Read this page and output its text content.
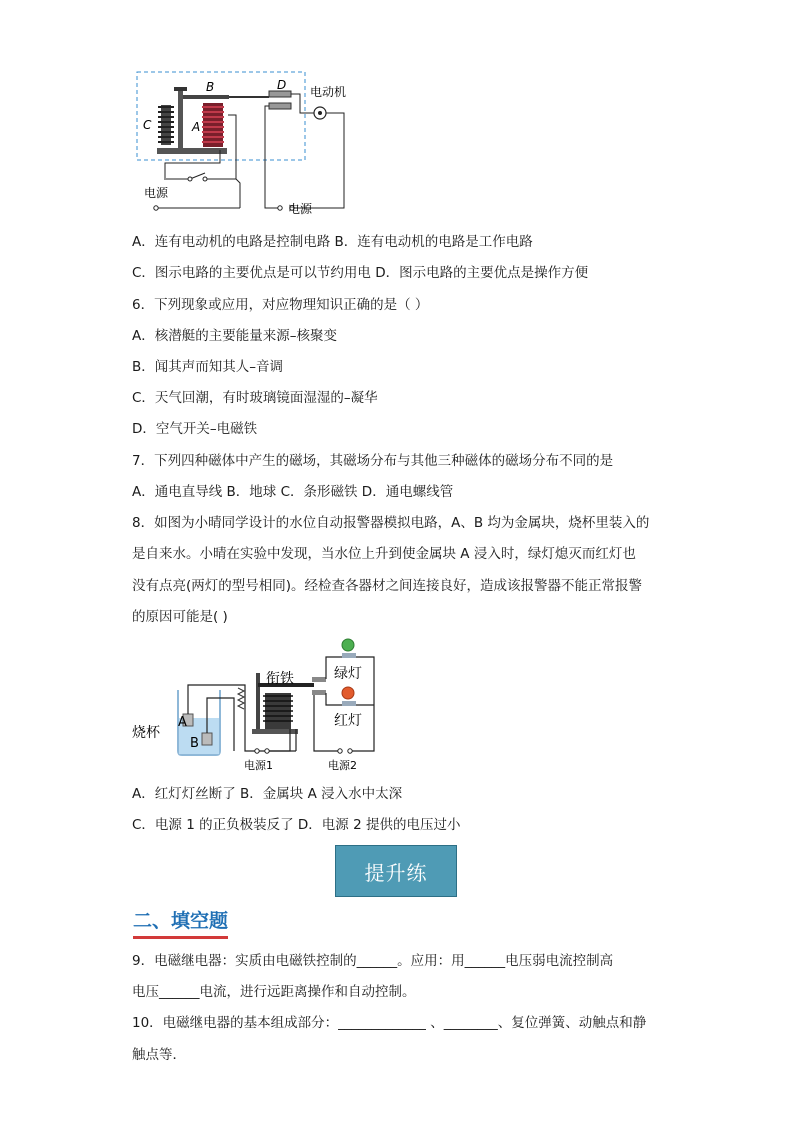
B
C	A
D 电动机
电源
电源
A．连有电动机的电路是控制电路 B．连有电动机的电路是工作电路
C．图示电路的主要优点是可以节约用电 D．图示电路的主要优点是操作方便
6．下列现象或应用，对应物理知识正确的是（ ）
A．核潜艇的主要能量来源–核聚变
B．闻其声而知其人–音调
C．天气回潮，有时玻璃镜面湿湿的–凝华
D．空气开关–电磁铁
7．下列四种磁体中产生的磁场，其磁场分布与其他三种磁体的磁场分布不同的是
A．通电直导线 B．地球 C．条形磁铁 D．通电螺线管
8．如图为小晴同学设计的水位自动报警器模拟电路，A、B 均为金属块，烧杯里装入的
是自来水。小晴在实验中发现，当水位上升到使金属块 A 浸入时，绿灯熄灭而红灯也
没有点亮(两灯的型号相同)。经检查各器材之间连接良好，造成该报警器不能正常报警
的原因可能是( )
烧杯
A
B
电源1
绿灯
红灯
衔铁
电源2
A．红灯灯丝断了 B．金属块 A 浸入水中太深
C．电源 1 的正负极装反了 D．电源 2 提供的电压过小
提升练
二、填空题
9．电磁继电器：实质由电磁铁控制的______。应用：用______电压弱电流控制高
电压______电流，进行远距离操作和自动控制。
10．电磁继电器的基本组成部分：_____________ 、________、复位弹簧、动触点和静
触点等．
